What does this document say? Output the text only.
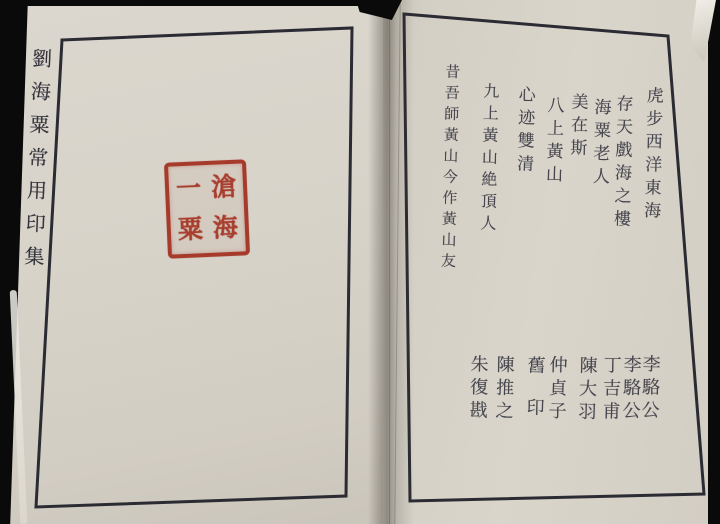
劉海粟常用印集	滄
海
一
粟
虎步西洋東海
存天戲海之樓
海粟老人
美在斯
八上黃山
心迹雙清
九上黃山絶頂人
昔吾師黃山今作黃山友
李駱公
李駱公
丁吉甫
陳大羽
仲貞子
舊印
陳推之
朱復戡
